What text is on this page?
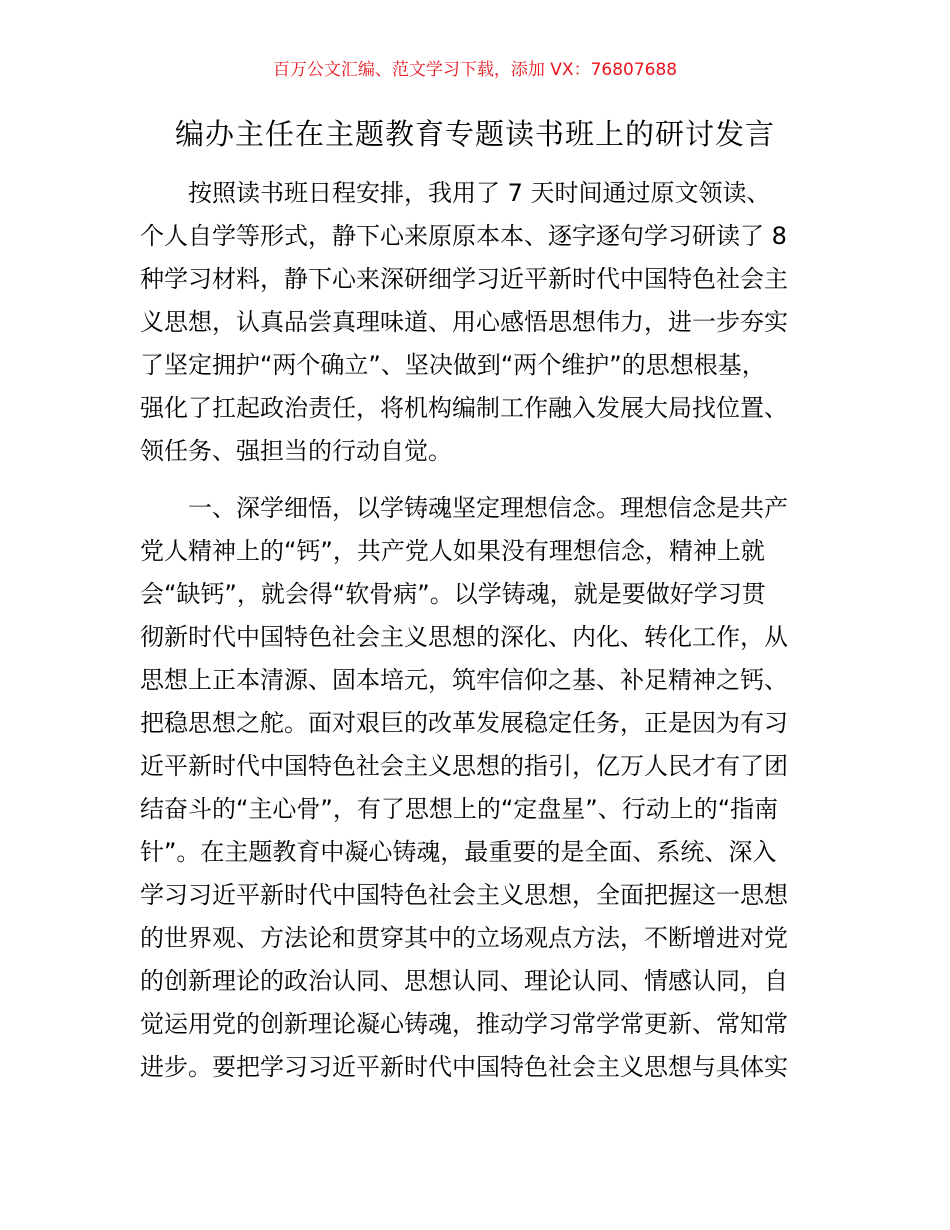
百万公文汇编、范文学习下载，添加 VX：76807688
编办主任在主题教育专题读书班上的研讨发言
按照读书班日程安排，我用了 7 天时间通过原文领读、
个人自学等形式，静下心来原原本本、逐字逐句学习研读了 8
种学习材料，静下心来深研细学习近平新时代中国特色社会主
义思想，认真品尝真理味道、用心感悟思想伟力，进一步夯实
了坚定拥护“两个确立”、坚决做到“两个维护”的思想根基，
强化了扛起政治责任，将机构编制工作融入发展大局找位置、
领任务、强担当的行动自觉。
一、深学细悟，以学铸魂坚定理想信念。理想信念是共产
党人精神上的“钙”，共产党人如果没有理想信念，精神上就
会“缺钙”，就会得“软骨病”。以学铸魂，就是要做好学习贯
彻新时代中国特色社会主义思想的深化、内化、转化工作，从
思想上正本清源、固本培元，筑牢信仰之基、补足精神之钙、
把稳思想之舵。面对艰巨的改革发展稳定任务，正是因为有习
近平新时代中国特色社会主义思想的指引，亿万人民才有了团
结奋斗的“主心骨”，有了思想上的“定盘星”、行动上的“指南
针”。在主题教育中凝心铸魂，最重要的是全面、系统、深入
学习习近平新时代中国特色社会主义思想，全面把握这一思想
的世界观、方法论和贯穿其中的立场观点方法，不断增进对党
的创新理论的政治认同、思想认同、理论认同、情感认同，自
觉运用党的创新理论凝心铸魂，推动学习常学常更新、常知常
进步。要把学习习近平新时代中国特色社会主义思想与具体实
